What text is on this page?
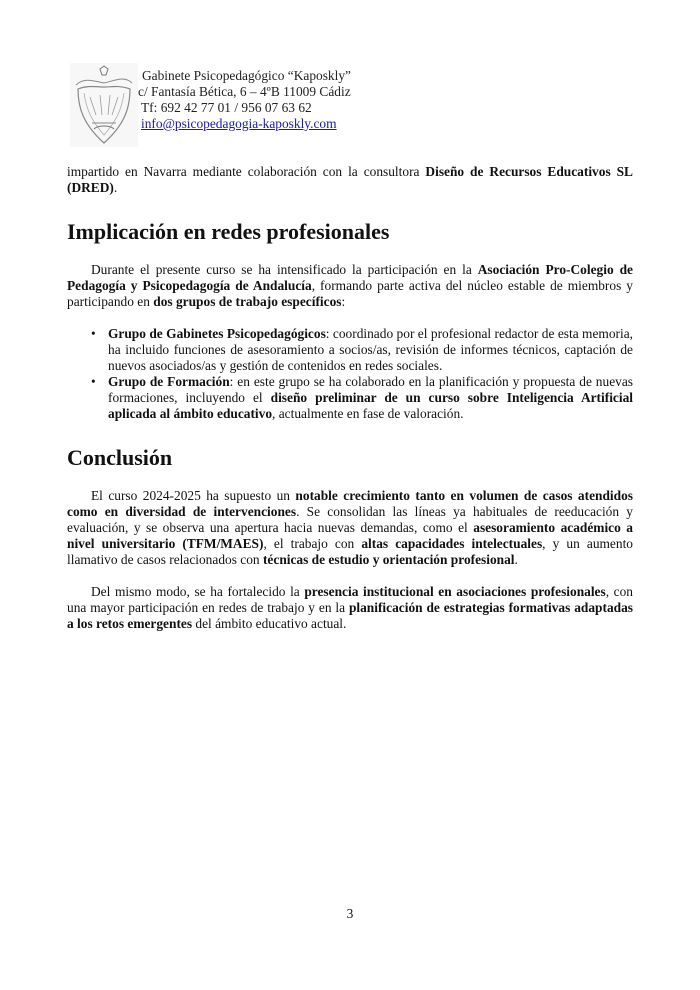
Gabinete Psicopedagógico “Kaposkly”
c/ Fantasía Bética, 6 – 4ºB 11009 Cádiz
Tf: 692 42 77 01 / 956 07 63 62
info@psicopedagogia-kaposkly.com

impartido en Navarra mediante colaboración con la consultora Diseño de Recursos Educativos SL (DRED).

Implicación en redes profesionales

Durante el presente curso se ha intensificado la participación en la Asociación Pro-Colegio de Pedagogía y Psicopedagogía de Andalucía, formando parte activa del núcleo estable de miembros y participando en dos grupos de trabajo específicos:

• Grupo de Gabinetes Psicopedagógicos: coordinado por el profesional redactor de esta memoria, ha incluido funciones de asesoramiento a socios/as, revisión de informes técnicos, captación de nuevos asociados/as y gestión de contenidos en redes sociales.
• Grupo de Formación: en este grupo se ha colaborado en la planificación y propuesta de nuevas formaciones, incluyendo el diseño preliminar de un curso sobre Inteligencia Artificial aplicada al ámbito educativo, actualmente en fase de valoración.
Conclusión

El curso 2024-2025 ha supuesto un notable crecimiento tanto en volumen de casos atendidos como en diversidad de intervenciones. Se consolidan las líneas ya habituales de reeducación y evaluación, y se observa una apertura hacia nuevas demandas, como el asesoramiento académico a nivel universitario (TFM/MAES), el trabajo con altas capacidades intelectuales, y un aumento llamativo de casos relacionados con técnicas de estudio y orientación profesional.

Del mismo modo, se ha fortalecido la presencia institucional en asociaciones profesionales, con una mayor participación en redes de trabajo y en la planificación de estrategias formativas adaptadas a los retos emergentes del ámbito educativo actual.

3
